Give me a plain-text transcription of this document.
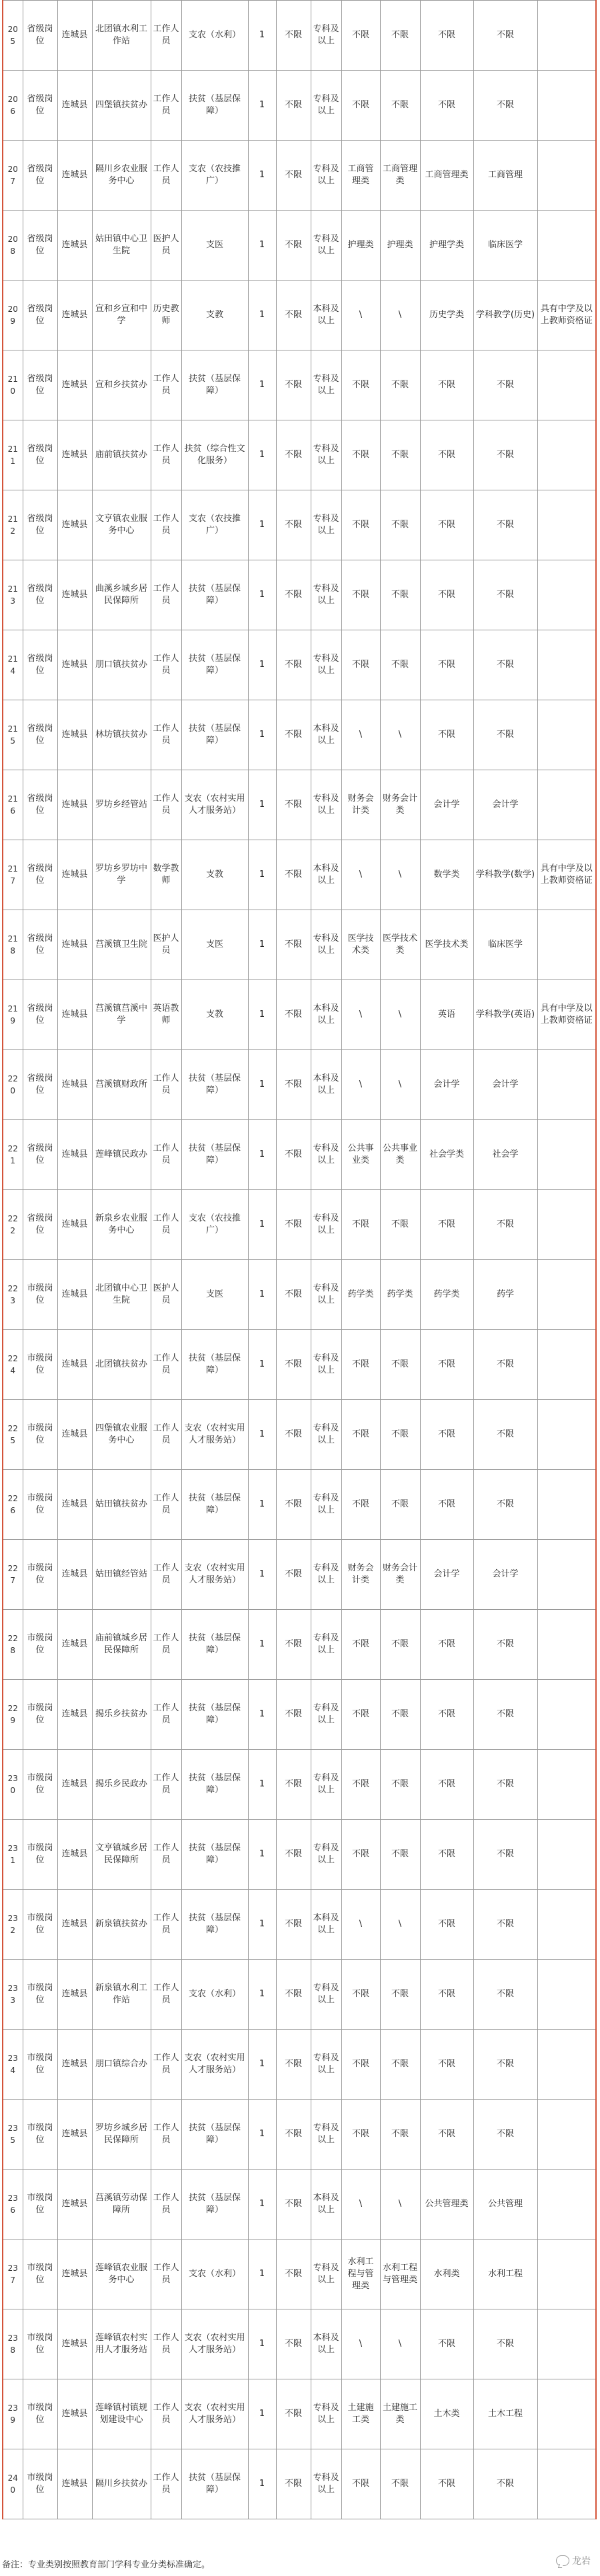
205	省级岗位	连城县	北团镇水利工作站	工作人员	支农（水利）	1	不限	专科及以上	不限	不限	不限	不限	
206	省级岗位	连城县	四堡镇扶贫办	工作人员	扶贫（基层保障）	1	不限	专科及以上	不限	不限	不限	不限	
207	省级岗位	连城县	隔川乡农业服务中心	工作人员	支农（农技推广）	1	不限	专科及以上	工商管理类	工商管理类	工商管理类	工商管理	
208	省级岗位	连城县	姑田镇中心卫生院	医护人员	支医	1	不限	专科及以上	护理类	护理类	护理学类	临床医学	
209	省级岗位	连城县	宣和乡宣和中学	历史教师	支教	1	不限	本科及以上	\	\	历史学类	学科教学(历史)	具有中学及以上教师资格证
210	省级岗位	连城县	宣和乡扶贫办	工作人员	扶贫（基层保障）	1	不限	专科及以上	不限	不限	不限	不限	
211	省级岗位	连城县	庙前镇扶贫办	工作人员	扶贫（综合性文化服务）	1	不限	专科及以上	不限	不限	不限	不限	
212	省级岗位	连城县	文亨镇农业服务中心	工作人员	支农（农技推广）	1	不限	专科及以上	不限	不限	不限	不限	
213	省级岗位	连城县	曲溪乡城乡居民保障所	工作人员	扶贫（基层保障）	1	不限	专科及以上	不限	不限	不限	不限	
214	省级岗位	连城县	朋口镇扶贫办	工作人员	扶贫（基层保障）	1	不限	专科及以上	不限	不限	不限	不限	
215	省级岗位	连城县	林坊镇扶贫办	工作人员	扶贫（基层保障）	1	不限	本科及以上	\	\	不限	不限	
216	省级岗位	连城县	罗坊乡经管站	工作人员	支农（农村实用人才服务站）	1	不限	专科及以上	财务会计类	财务会计类	会计学	会计学	
217	省级岗位	连城县	罗坊乡罗坊中学	数学教师	支教	1	不限	本科及以上	\	\	数学类	学科教学(数学)	具有中学及以上教师资格证
218	省级岗位	连城县	莒溪镇卫生院	医护人员	支医	1	不限	专科及以上	医学技术类	医学技术类	医学技术类	临床医学	
219	省级岗位	连城县	莒溪镇莒溪中学	英语教师	支教	1	不限	本科及以上	\	\	英语	学科教学(英语)	具有中学及以上教师资格证
220	省级岗位	连城县	莒溪镇财政所	工作人员	扶贫（基层保障）	1	不限	本科及以上	\	\	会计学	会计学	
221	省级岗位	连城县	莲峰镇民政办	工作人员	扶贫（基层保障）	1	不限	专科及以上	公共事业类	公共事业类	社会学类	社会学	
222	省级岗位	连城县	新泉乡农业服务中心	工作人员	支农（农技推广）	1	不限	专科及以上	不限	不限	不限	不限	
223	市级岗位	连城县	北团镇中心卫生院	医护人员	支医	1	不限	专科及以上	药学类	药学类	药学类	药学	
224	市级岗位	连城县	北团镇扶贫办	工作人员	扶贫（基层保障）	1	不限	专科及以上	不限	不限	不限	不限	
225	市级岗位	连城县	四堡镇农业服务中心	工作人员	支农（农村实用人才服务站）	1	不限	专科及以上	不限	不限	不限	不限	
226	市级岗位	连城县	姑田镇扶贫办	工作人员	扶贫（基层保障）	1	不限	专科及以上	不限	不限	不限	不限	
227	市级岗位	连城县	姑田镇经管站	工作人员	支农（农村实用人才服务站）	1	不限	专科及以上	财务会计类	财务会计类	会计学	会计学	
228	市级岗位	连城县	庙前镇城乡居民保障所	工作人员	扶贫（基层保障）	1	不限	专科及以上	不限	不限	不限	不限	
229	市级岗位	连城县	揭乐乡扶贫办	工作人员	扶贫（基层保障）	1	不限	专科及以上	不限	不限	不限	不限	
230	市级岗位	连城县	揭乐乡民政办	工作人员	扶贫（基层保障）	1	不限	专科及以上	不限	不限	不限	不限	
231	市级岗位	连城县	文亨镇城乡居民保障所	工作人员	扶贫（基层保障）	1	不限	专科及以上	不限	不限	不限	不限	
232	市级岗位	连城县	新泉镇扶贫办	工作人员	扶贫（基层保障）	1	不限	本科及以上	\	\	不限	不限	
233	市级岗位	连城县	新泉镇水利工作站	工作人员	支农（水利）	1	不限	专科及以上	不限	不限	不限	不限	
234	市级岗位	连城县	朋口镇综合办	工作人员	支农（农村实用人才服务站）	1	不限	专科及以上	不限	不限	不限	不限	
235	市级岗位	连城县	罗坊乡城乡居民保障所	工作人员	扶贫（基层保障）	1	不限	专科及以上	不限	不限	不限	不限	
236	市级岗位	连城县	莒溪镇劳动保障所	工作人员	扶贫（基层保障）	1	不限	本科及以上	\	\	公共管理类	公共管理	
237	市级岗位	连城县	莲峰镇农业服务中心	工作人员	支农（水利）	1	不限	专科及以上	水利工程与管理类	水利工程与管理类	水利类	水利工程	
238	市级岗位	连城县	莲峰镇农村实用人才服务站	工作人员	支农（农村实用人才服务站）	1	不限	本科及以上	\	\	不限	不限	
239	市级岗位	连城县	莲峰镇村镇规划建设中心	工作人员	支农（农村实用人才服务站）	1	不限	专科及以上	土建施工类	土建施工类	土木类	土木工程	
240	市级岗位	连城县	隔川乡扶贫办	工作人员	扶贫（基层保障）	1	不限	专科及以上	不限	不限	不限	不限	
备注：专业类别按照教育部门学科专业分类标准确定。	龙岩
